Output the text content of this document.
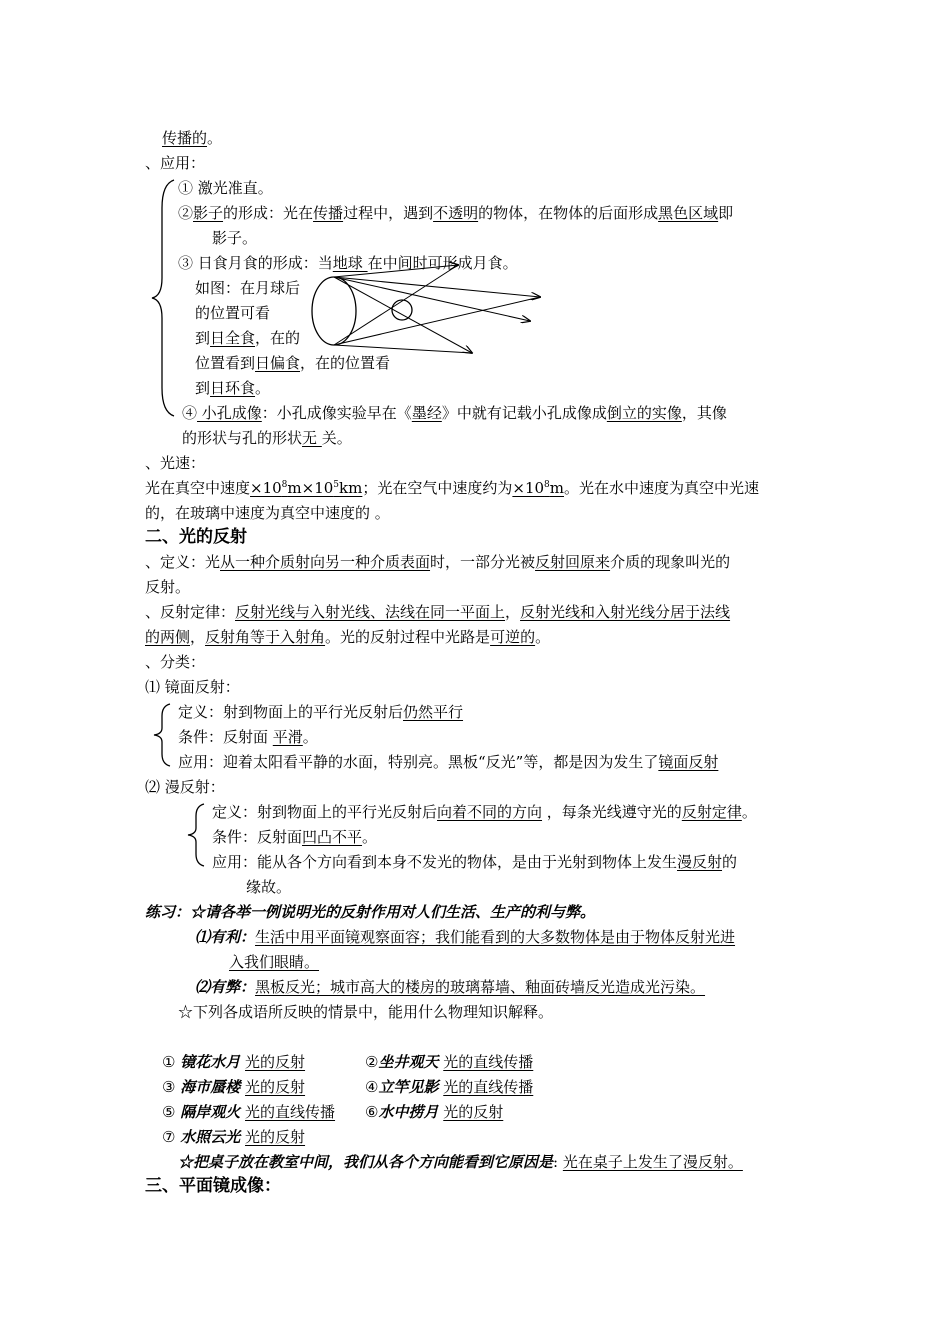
传播的。
、应用：
① 激光准直。
②影子的形成：光在传播过程中，遇到不透明的物体，在物体的后面形成黑色区域即
影子。
③ 日食月食的形成：当地球 在中间时可形成月食。
如图：在月球后
的位置可看
到日全食，在的
位置看到日偏食，在的位置看
到日环食。
④ 小孔成像：小孔成像实验早在《墨经》中就有记载小孔成像成倒立的实像，其像
的形状与孔的形状无 关。
、光速：
光在真空中速度$\times 10^8m\times 10^5km$；光在空气中速度约为$\times 10^8m$。光在水中速度为真空中光速
的，在玻璃中速度为真空中速度的 。
二、光的反射
、定义：光从一种介质射向另一种介质表面时，一部分光被反射回原来介质的现象叫光的
反射。
、反射定律：反射光线与入射光线、法线在同一平面上，反射光线和入射光线分居于法线
的两侧，反射角等于入射角。光的反射过程中光路是可逆的。
、分类：
⑴ 镜面反射：
定义：射到物面上的平行光反射后仍然平行
条件：反射面 平滑。
应用：迎着太阳看平静的水面，特别亮。黑板“反光”等，都是因为发生了镜面反射
⑵ 漫反射：
定义：射到物面上的平行光反射后向着不同的方向 ，每条光线遵守光的反射定律。
条件：反射面凹凸不平。
应用：能从各个方向看到本身不发光的物体，是由于光射到物体上发生漫反射的
缘故。
练习：☆请各举一例说明光的反射作用对人们生活、生产的利与弊。
⑴有利：生活中用平面镜观察面容；我们能看到的大多数物体是由于物体反射光进
入我们眼睛。
⑵有弊：黑板反光；城市高大的楼房的玻璃幕墙、釉面砖墙反光造成光污染。
☆下列各成语所反映的情景中，能用什么物理知识解释。
① 镜花水月 光的反射	②坐井观天 光的直线传播
③ 海市蜃楼 光的反射	④立竿见影 光的直线传播
⑤ 隔岸观火 光的直线传播 ⑥水中捞月 光的反射
⑦ 水照云光 光的反射
☆把桌子放在教室中间，我们从各个方向能看到它原因是: 光在桌子上发生了漫反射。
三、平面镜成像：
